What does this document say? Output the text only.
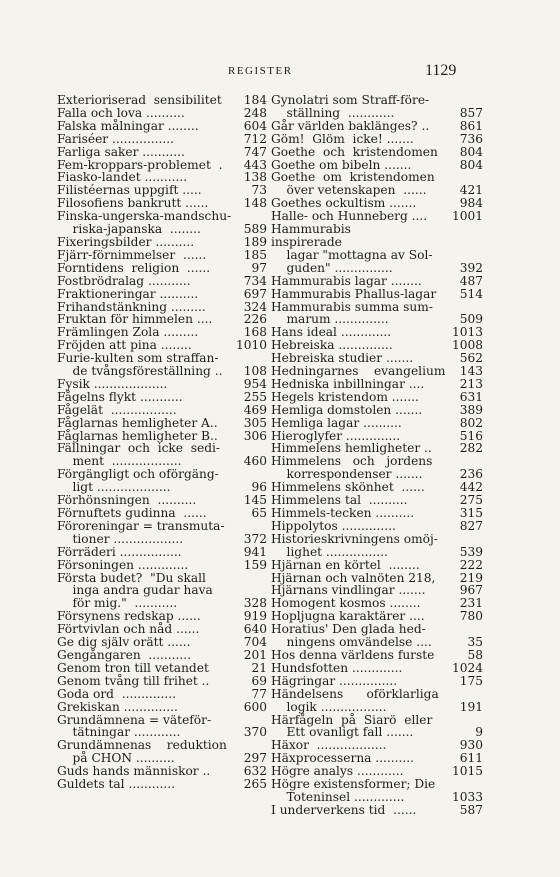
REGISTER	1129
Exterioriserad  sensibilitet	184
Falla och lova ..........	248
Falska målningar ........	604
Fariséer ................	712
Farliga saker ...........	747
Fem-kroppars-problemet  .	443
Fiasko-landet ...........	138
Filistéernas uppgift .....	73
Filosofiens bankrutt ......	148
Finska-ungerska-mandschu-
riska-japanska  ........	589
Fixeringsbilder ..........	189
Fjärr-förnimmelser  ......	185
Forntidens  religion  ......	97
Fostbrödralag ...........	734
Fraktioneringar ..........	697
Frihandstänkning .........	324
Fruktan för himmelen ....	226
Främlingen Zola .........	168
Fröjden att pina ........	1010
Furie-kulten som straffan-
de tvångsföreställning ..	108
Fysik ...................	954
Fågelns flykt ...........	255
Fågelät  .................	469
Fåglarnas hemligheter A..	305
Fåglarnas hemligheter B..	306
Fällningar  och  icke  sedi-
ment  ..................	460
Förgängligt och oförgäng-
ligt ...................	96
Förhönsningen  ..........	145
Förnuftets gudinna  ......	65
Föroreningar = transmuta-
tioner ..................	372
Förräderi ................	941
Försoningen .............	159
Första budet?  "Du skall
inga andra gudar hava
för mig."  ...........	328
Försynens redskap ......	919
Förtvivlan och nåd ......	640
Ge dig själv orätt ......	704
Gengångaren  ...........	201
Genom tron till vetandet	21
Genom tvång till frihet ..	69
Goda ord  ..............	77
Grekiskan ..............	600
Grundämnena = väteför-
tätningar ............	370
Grundämnenas    reduktion
på CHON ..........	297
Guds hands människor ..	632
Guldets tal ............	265
Gynolatri som Straff-före-
ställning  ............	857
Går världen baklänges? ..	861
Göm!  Glöm  icke! .......	736
Goethe  och  kristendomen	804
Goethe om bibeln .......	804
Goethe  om  kristendomen
över vetenskapen  ......	421
Goethes ockultism .......	984
Halle- och Hunneberg ....	1001
Hammurabis        inspirerade
lagar "mottagna av Sol-
guden" ...............	392
Hammurabis lagar ........	487
Hammurabis Phallus-lagar	514
Hammurabis summa sum-
marum ..............	509
Hans ideal .............	1013
Hebreiska ..............	1008
Hebreiska studier .......	562
Hedningarnes    evangelium	143
Hedniska inbillningar ....	213
Hegels kristendom .......	631
Hemliga domstolen .......	389
Hemliga lagar ..........	802
Hieroglyfer ..............	516
Himmelens hemligheter ..	282
Himmelens   och   jordens
korrespondenser .......	236
Himmelens skönhet  ......	442
Himmelens tal  ..........	275
Himmels-tecken ..........	315
Hippolytos ..............	827
Historieskrivningens omöj-
lighet ................	539
Hjärnan en körtel  ........	222
Hjärnan och valnöten 218,	219
Hjärnans vindlingar .......	967
Homogent kosmos ........	231
Hopljugna karaktärer ....	780
Horatius' Den glada hed-
ningens omvändelse ....	35
Hos denna världens furste	58
Hundsfotten .............	1024
Hägringar ...............	175
Händelsens      oförklarliga
logik .................	191
Härfågeln  på  Siarö  eller
Ett ovanligt fall .......	9
Häxor  ..................	930
Häxprocesserna ..........	611
Högre analys ............	1015
Högre existensformer; Die
Toteninsel .............	1033
I underverkens tid  ......	587
